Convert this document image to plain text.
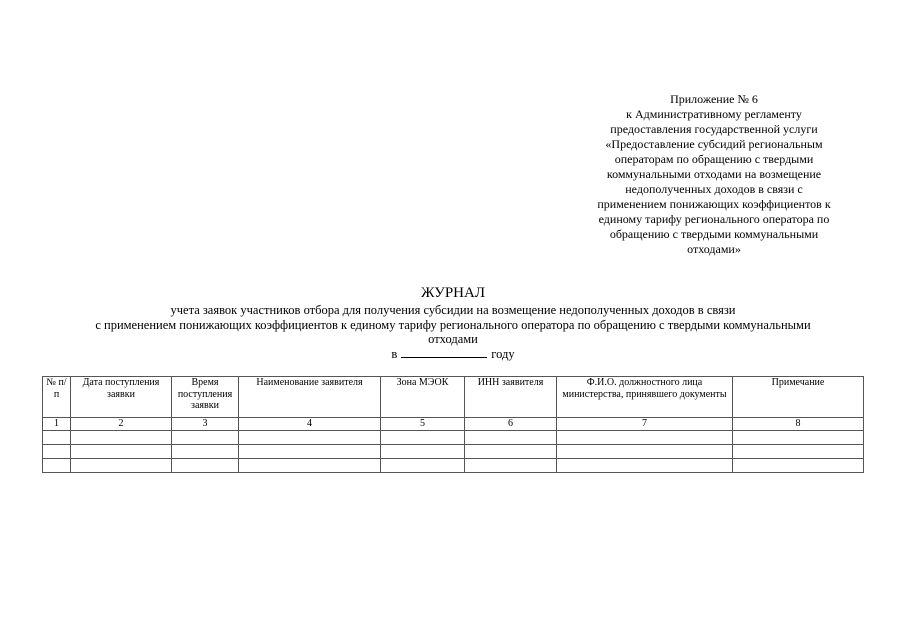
Приложение № 6
к Административному регламенту
предоставления государственной услуги
«Предоставление субсидий региональным
операторам по обращению с твердыми
коммунальными отходами на возмещение
недополученных доходов в связи с
применением понижающих коэффициентов к
единому тарифу регионального оператора по
обращению с твердыми коммунальными
отходами»
ЖУРНАЛ
учета заявок участников отбора для получения субсидии на возмещение недополученных доходов в связи
с применением понижающих коэффициентов к единому тарифу регионального оператора по обращению с твердыми коммунальными
отходами
в	году
№ п/п	Дата поступления заявки	Время поступления заявки	Наименование заявителя	Зона МЭОК	ИНН заявителя	Ф.И.О. должностного лица министерства, принявшего документы	Примечание
1	2	3	4	5	6	7	8
